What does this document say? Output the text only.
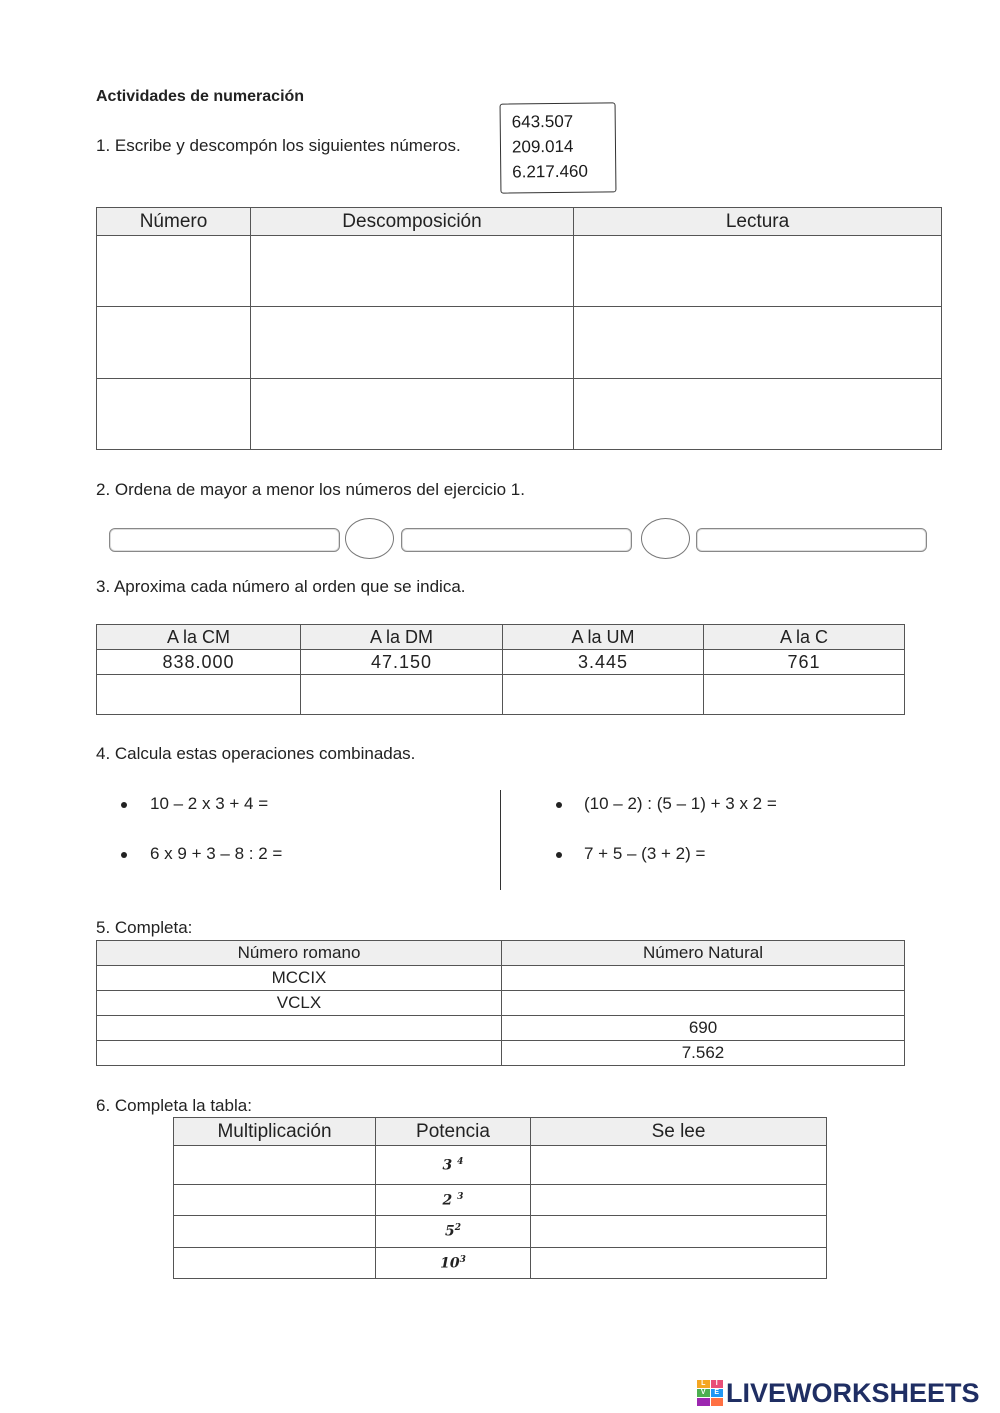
Actividades de numeración
1. Escribe y descompón los siguientes números.
643.507
209.014
6.217.460
Número	Descomposición	Lectura

2. Ordena de mayor a menor los números del ejercicio 1.
3. Aproxima cada número al orden que se indica.
A la CM	A la DM	A la UM	A la C
838.000	47.150	3.445	761

4. Calcula estas operaciones combinadas.
10 – 2 x 3 + 4 =
6 x 9 + 3 – 8 : 2 =
(10 – 2) : (5 – 1) + 3 x 2 =
7 + 5 – (3 + 2) =
5. Completa:
Número romano	Número Natural
MCCIX	
VCLX	
	690
	7.562
6. Completa la tabla:
Multiplicación	Potencia	Se lee
	3 $^4$	
	2 $^3$	
	$5^2$	
	$10^3$	
L	I
V	E LIVEWORKSHEETS
